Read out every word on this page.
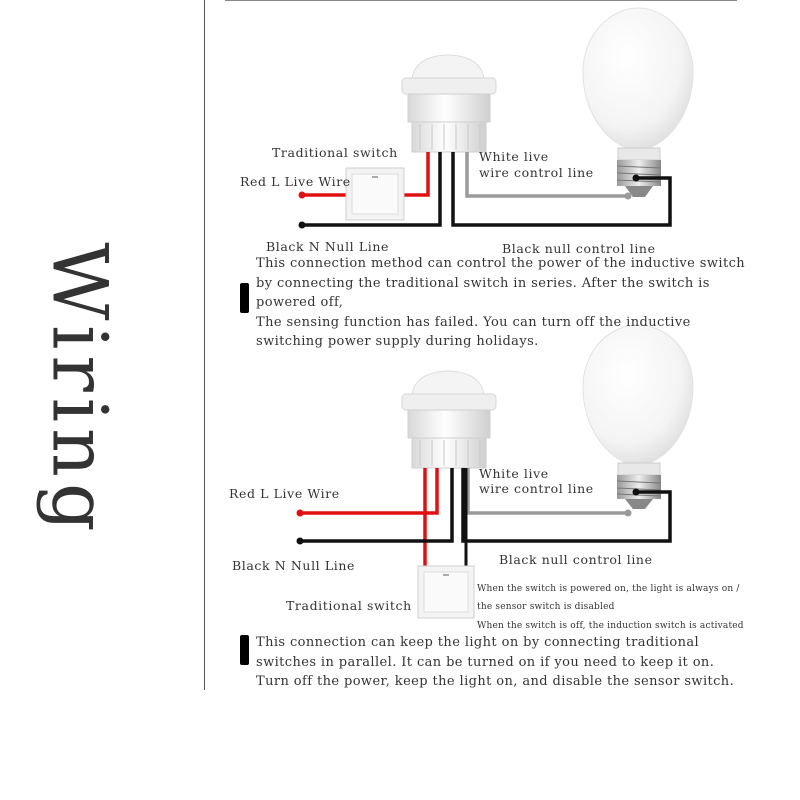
Wiring
Traditional switch
Red L Live Wire
White live
wire control line
Black N Null Line	Black null control line
This connection method can control the power of the inductive switch
by connecting the traditional switch in series. After the switch is
powered off,
The sensing function has failed. You can turn off the inductive
switching power supply during holidays.
Red L Live Wire
White live
wire control line
Black N Null Line	Black null control line
Traditional switch
When the switch is powered on, the light is always on /
the sensor switch is disabled
When the switch is off, the induction switch is activated
This connection can keep the light on by connecting traditional
switches in parallel. It can be turned on if you need to keep it on.
Turn off the power, keep the light on, and disable the sensor switch.
